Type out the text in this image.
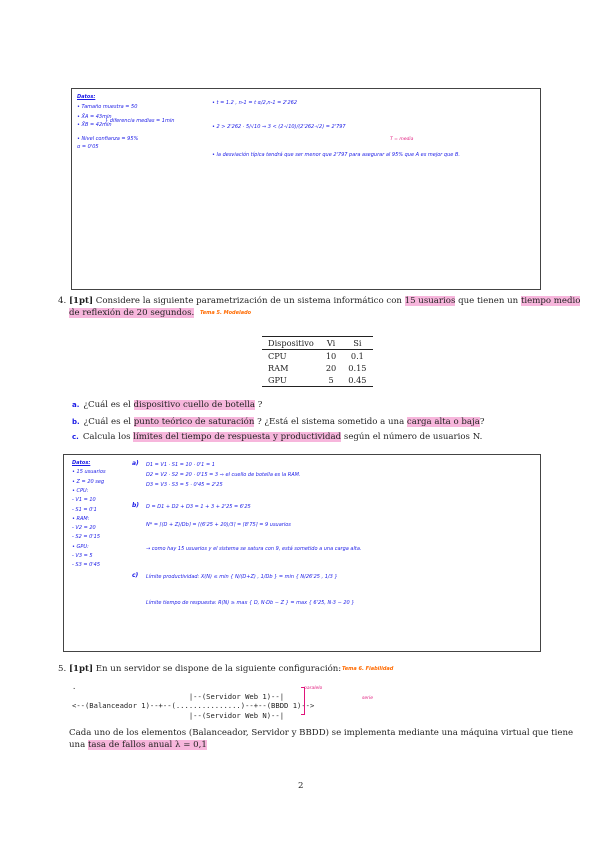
Datos:
• Tamaño muestra = 50
• X̄A = 43min
• X̄B = 42min
} diferencia medias = 1min
• Nivel confianza = 95%
α = 0'05
• t = 1.2 , n-1 = t α/2,n-1 = 2'262
• 2 > 2'262 · 5/√10 ⇒ 3 < (2·√10)/(2'262·√2) = 2'797
• la desviación típica tendrá que ser menor que 2'797 para asegurar al 95% que A es mejor que B.
T = media
4. [1pt] Considere la siguiente parametrización de un sistema informático con 15 usuarios que tienen un tiempo medio
de reflexión de 20 segundos. Tema 5. Modelado
Dispositivo	Vi	Si
CPU	10	0.1
RAM	20	0.15
GPU	5	0.45
a. ¿Cuál es el dispositivo cuello de botella ?
b. ¿Cuál es el punto teórico de saturación ? ¿Está el sistema sometido a una carga alta o baja?
c. Calcula los límites del tiempo de respuesta y productividad según el número de usuarios N.
Datos:
• 15 usuarios
• Z = 20 seg
• CPU:
- V1 = 10
- S1 = 0'1
• RAM:
- V2 = 20
- S2 = 0'15
• GPU:
- V3 = 5
- S3 = 0'45
a) D1 = V1 · S1 = 10 · 0'1 = 1
D2 = V2 · S2 = 20 · 0'15 = 3 ⇒ el cuello de botella es la RAM.
D3 = V3 · S3 = 5 · 0'45 = 2'25
b) D = D1 + D2 + D3 = 1 + 3 + 2'25 = 6'25
N* = ⌈(D + Z)/Db⌉ = ⌈(6'25 + 20)/3⌉ = ⌈8'75⌉ = 9 usuarios
→ como hay 15 usuarios y el sistema se satura con 9, está sometido a una carga alta.
c) Límite productividad: X(N) ≤ min { N/(D+Z) , 1/Db } = min { N/26'25 , 1/3 }
Límite tiempo de respuesta: R(N) ≥ max { D, N·Db − Z } = max { 6'25, N·3 − 20 }
5. [1pt] En un servidor se dispone de la siguiente configuración: Tema 6. Fiabilidad
.
|--(Servidor Web 1)--|
<--(Balanceador 1)--+--(...............)--+--(BBDD 1)-->
|--(Servidor Web N)--|
paralelo
serie
Cada uno de los elementos (Balanceador, Servidor y BBDD) se implementa mediante una máquina virtual que tiene
una tasa de fallos anual λ = 0,1
2
